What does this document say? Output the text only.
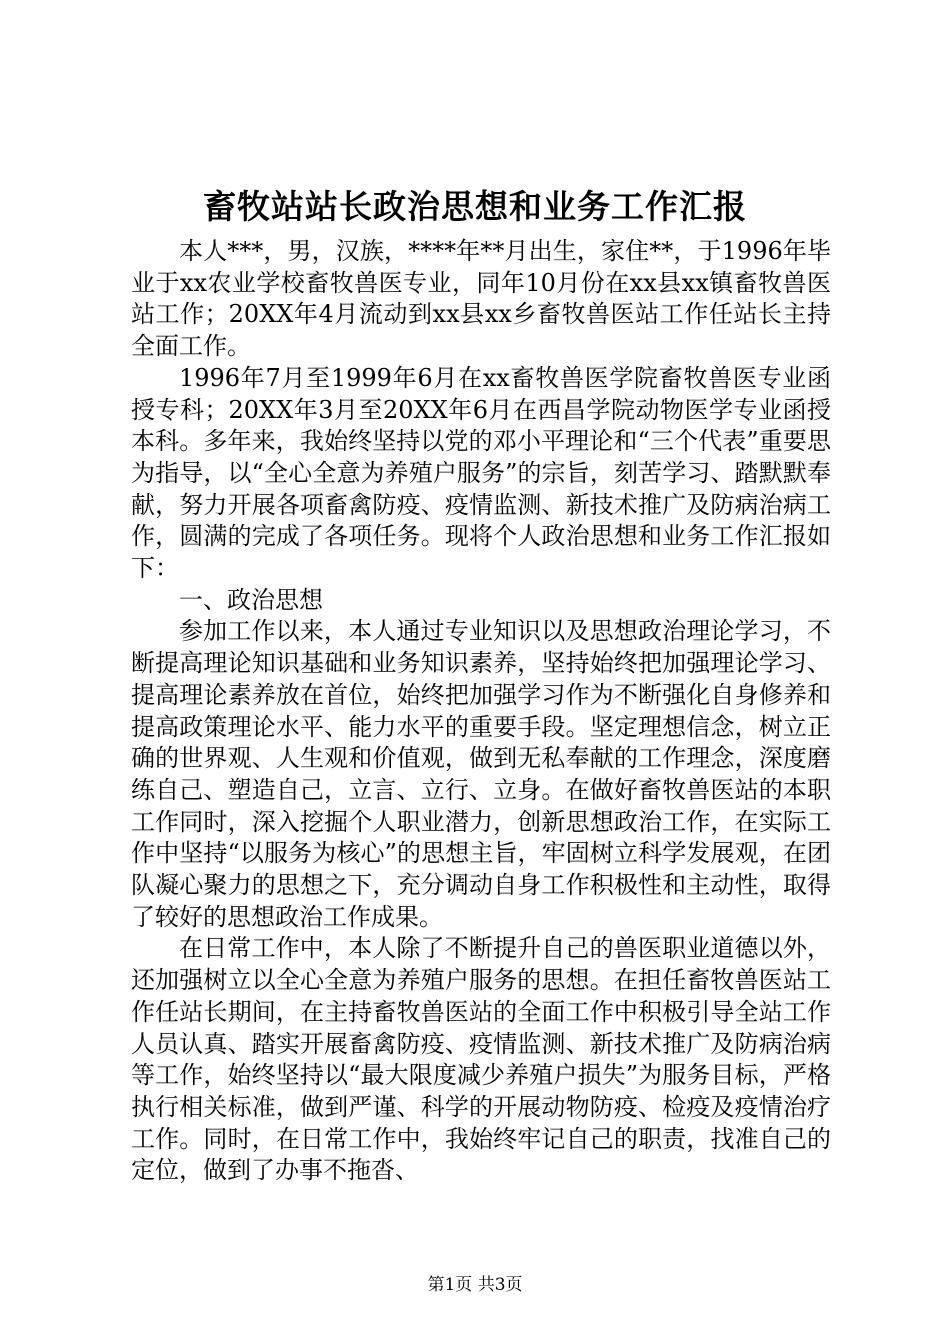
畜牧站站长政治思想和业务工作汇报

本人***，男，汉族，****年**月出生，家住**，于1996年毕业于xx农业学校畜牧兽医专业，同年10月份在xx县xx镇畜牧兽医站工作；20XX年4月流动到xx县xx乡畜牧兽医站工作任站长主持全面工作。

1996年7月至1999年6月在xx畜牧兽医学院畜牧兽医专业函授专科；20XX年3月至20XX年6月在西昌学院动物医学专业函授本科。多年来，我始终坚持以党的邓小平理论和“三个代表”重要思为指导，以“全心全意为养殖户服务”的宗旨，刻苦学习、踏默默奉献，努力开展各项畜禽防疫、疫情监测、新技术推广及防病治病工作，圆满的完成了各项任务。现将个人政治思想和业务工作汇报如下：

一、政治思想

参加工作以来，本人通过专业知识以及思想政治理论学习，不断提高理论知识基础和业务知识素养，坚持始终把加强理论学习、提高理论素养放在首位，始终把加强学习作为不断强化自身修养和提高政策理论水平、能力水平的重要手段。坚定理想信念，树立正确的世界观、人生观和价值观，做到无私奉献的工作理念，深度磨练自己、塑造自己，立言、立行、立身。在做好畜牧兽医站的本职工作同时，深入挖掘个人职业潜力，创新思想政治工作，在实际工作中坚持“以服务为核心”的思想主旨，牢固树立科学发展观，在团队凝心聚力的思想之下，充分调动自身工作积极性和主动性，取得了较好的思想政治工作成果。

在日常工作中，本人除了不断提升自己的兽医职业道德以外，还加强树立以全心全意为养殖户服务的思想。在担任畜牧兽医站工作任站长期间，在主持畜牧兽医站的全面工作中积极引导全站工作人员认真、踏实开展畜禽防疫、疫情监测、新技术推广及防病治病等工作，始终坚持以“最大限度减少养殖户损失”为服务目标，严格执行相关标准，做到严谨、科学的开展动物防疫、检疫及疫情治疗工作。同时，在日常工作中，我始终牢记自己的职责，找准自己的定位，做到了办事不拖沓、

第1页 共3页
